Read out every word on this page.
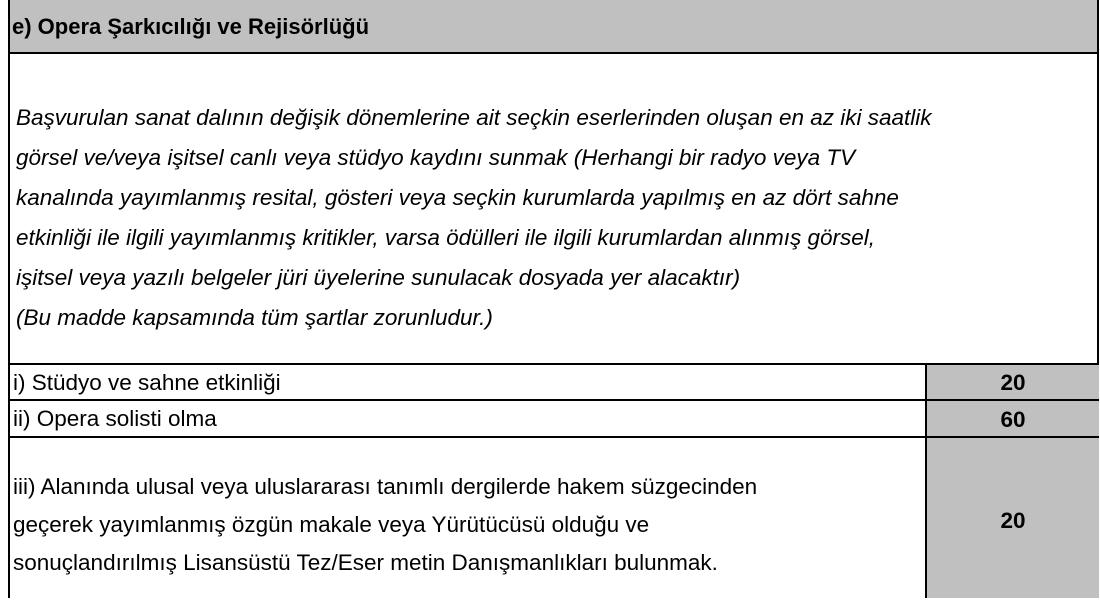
e) Opera Şarkıcılığı ve Rejisörlüğü

Başvurulan sanat dalının değişik dönemlerine ait seçkin eserlerinden oluşan en az iki saatlik

görsel ve/veya işitsel canlı veya stüdyo kaydını sunmak (Herhangi bir radyo veya TV

kanalında yayımlanmış resital, gösteri veya seçkin kurumlarda yapılmış en az dört sahne

etkinliği ile ilgili yayımlanmış kritikler, varsa ödülleri ile ilgili kurumlardan alınmış görsel,

işitsel veya yazılı belgeler jüri üyelerine sunulacak dosyada yer alacaktır)

(Bu madde kapsamında tüm şartlar zorunludur.)

i) Stüdyo ve sahne etkinliği	20
ii) Opera solisti olma	60

iii) Alanında ulusal veya uluslararası tanımlı dergilerde hakem süzgecinden

geçerek yayımlanmış özgün makale veya Yürütücüsü olduğu ve

sonuçlandırılmış Lisansüstü Tez/Eser metin Danışmanlıkları bulunmak.

20
